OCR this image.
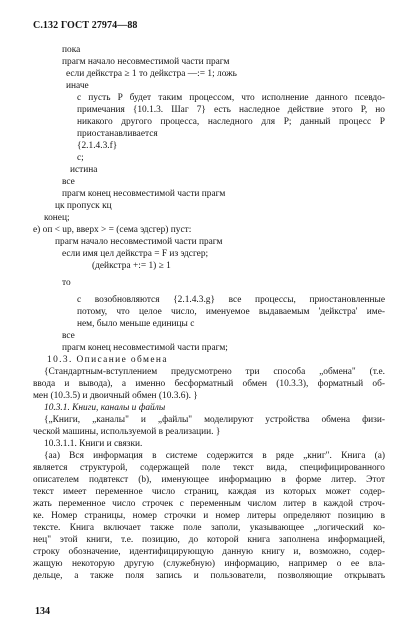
С.132 ГОСТ 27974—88
пока
прагм начало несовместимой части прагм
если дейкстра ≥ 1 то дейкстра —:= 1; ложь
иначе
с пусть P будет таким процессом, что исполнение данного псевдо-
примечания {10.1.3. Шаг 7} есть наследное действие этого P, но
никакого другого процесса, наследного для P; данный процесс P
приостанавливается
{2.1.4.3.f}
с;
истина
все
прагм конец несовместимой части прагм
цк пропуск кц
конец;
e) оп < up, вверх > = (сема эдсгер) пуст:
прагм начало несовместимой части прагм
если имя цел дейкстра = F из эдсгер;
(дейкстра +:= 1) ≥ 1
то
с возобновляются {2.1.4.3.g} все процессы, приостановленные
потому, что целое число, именуемое выдаваемым 'дейкстра' име-
нем, было меньше единицы с
все
прагм конец несовместимой части прагм;
10.3. Описание обмена
{Стандартным-вступлением предусмотрено три способа „обмена" (т.е.
ввода и вывода), а именно бесформатный обмен (10.3.3), форматный об-
мен (10.3.5) и двоичный обмен (10.3.6). }
10.3.1. Книги, каналы и файлы
{„Книги, „каналы" и „файлы" моделируют устройства обмена физи-
ческой машины, используемой в реализации. }
10.3.1.1. Книги и связки.
{аа) Вся информация в системе содержится в ряде „книг". Книга (а)
является структурой, содержащей поле текст вида, специфицированного
описателем подвтекст (b), именующее информацию в форме литер. Этот
текст имеет переменное число страниц, каждая из которых может содер-
жать переменное число строчек с переменным числом литер в каждой строч-
ке. Номер страницы, номер строчки и номер литеры определяют позицию в
тексте. Книга включает также поле заполи, указывающее „логический ко-
нец" этой книги, т.е. позицию, до которой книга заполнена информацией,
строку обозначение, идентифицирующую данную книгу и, возможно, содер-
жащую некоторую другую (служебную) информацию, например о ее вла-
дельце, а также поля запись и пользователи, позволяющие открывать
134
